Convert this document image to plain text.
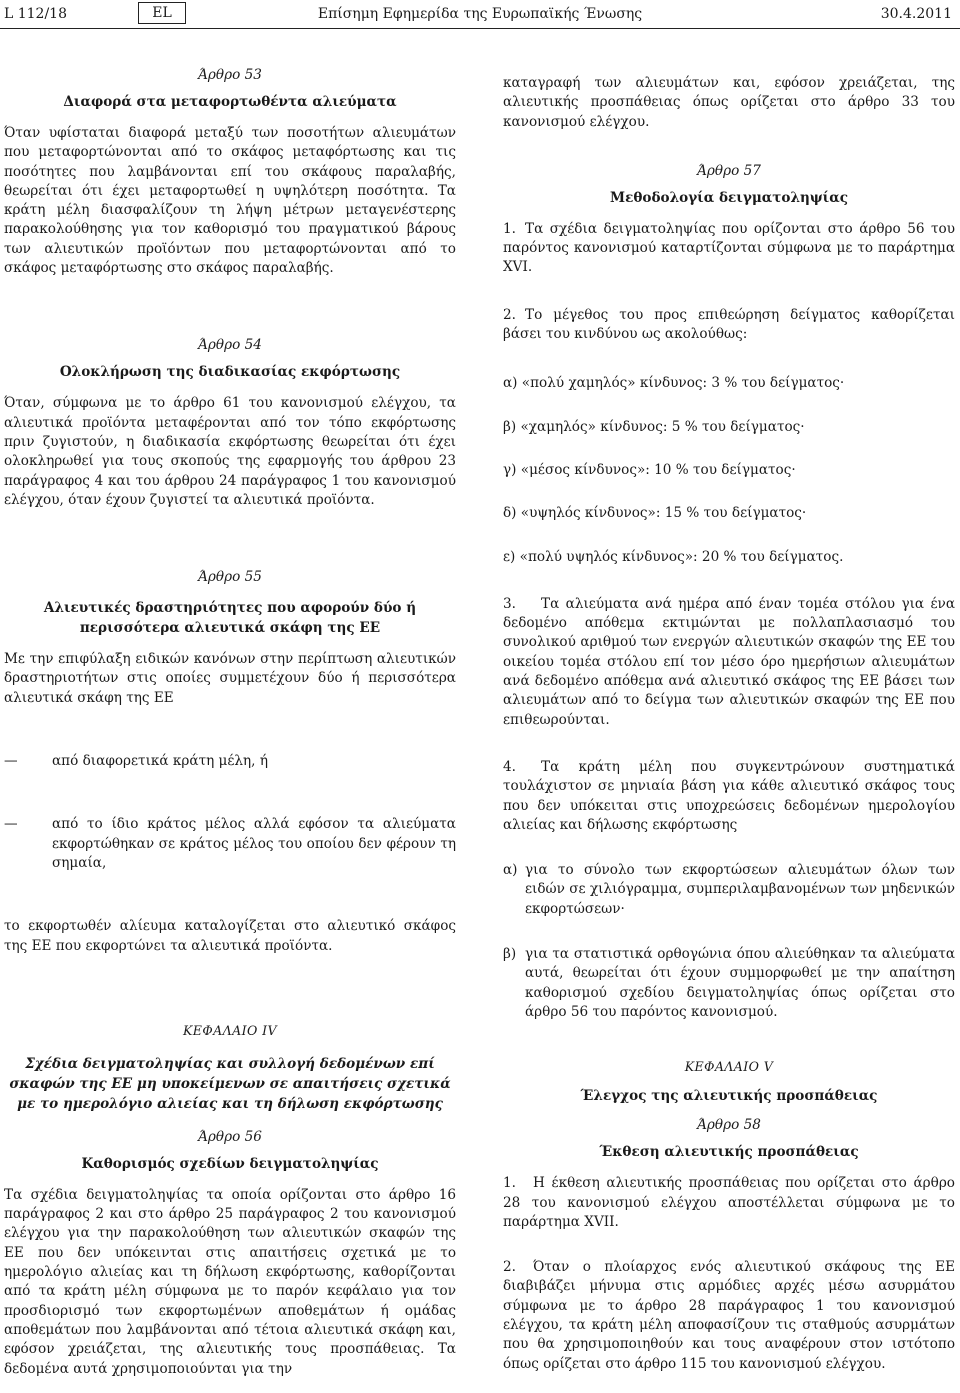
L 112/18	EL	Επίσημη Εφημερίδα της Ευρωπαϊκής Ένωσης	30.4.2011
Άρθρο 53
Διαφορά στα μεταφορτωθέντα αλιεύματα

Όταν υφίσταται διαφορά μεταξύ των ποσοτήτων αλιευμάτων που μεταφορτώνονται από το σκάφος μεταφόρτωσης και τις ποσότητες που λαμβάνονται επί του σκάφους παραλαβής, θεωρείται ότι έχει μεταφορτωθεί η υψηλότερη ποσότητα. Τα κράτη μέλη διασφαλίζουν τη λήψη μέτρων μεταγενέστερης παρακολούθησης για τον καθορισμό του πραγματικού βάρους των αλιευτικών προϊόντων που μεταφορτώνονται από το σκάφος μεταφόρτωσης στο σκάφος παραλαβής.

Άρθρο 54
Ολοκλήρωση της διαδικασίας εκφόρτωσης

Όταν, σύμφωνα με το άρθρο 61 του κανονισμού ελέγχου, τα αλιευτικά προϊόντα μεταφέρονται από τον τόπο εκφόρτωσης πριν ζυγιστούν, η διαδικασία εκφόρτωσης θεωρείται ότι έχει ολοκληρωθεί για τους σκοπούς της εφαρμογής του άρθρου 23 παράγραφος 4 και του άρθρου 24 παράγραφος 1 του κανονισμού ελέγχου, όταν έχουν ζυγιστεί τα αλιευτικά προϊόντα.

Άρθρο 55
Αλιευτικές δραστηριότητες που αφορούν δύο ή περισσότερα αλιευτικά σκάφη της ΕΕ

Με την επιφύλαξη ειδικών κανόνων στην περίπτωση αλιευτικών δραστηριοτήτων στις οποίες συμμετέχουν δύο ή περισσότερα αλιευτικά σκάφη της ΕΕ

—	από διαφορετικά κράτη μέλη, ή
—	από το ίδιο κράτος μέλος αλλά εφόσον τα αλιεύματα εκφορτώθηκαν σε κράτος μέλος του οποίου δεν φέρουν τη σημαία,

το εκφορτωθέν αλίευμα καταλογίζεται στο αλιευτικό σκάφος της ΕΕ που εκφορτώνει τα αλιευτικά προϊόντα.

ΚΕΦΑΛΑΙΟ IV
Σχέδια δειγματοληψίας και συλλογή δεδομένων επί σκαφών της ΕΕ μη υποκείμενων σε απαιτήσεις σχετικά με το ημερολόγιο αλιείας και τη δήλωση εκφόρτωσης
Άρθρο 56
Καθορισμός σχεδίων δειγματοληψίας

Τα σχέδια δειγματοληψίας τα οποία ορίζονται στο άρθρο 16 παράγραφος 2 και στο άρθρο 25 παράγραφος 2 του κανονισμού ελέγχου για την παρακολούθηση των αλιευτικών σκαφών της ΕΕ που δεν υπόκεινται στις απαιτήσεις σχετικά με το ημερολόγιο αλιείας και τη δήλωση εκφόρτωσης, καθορίζονται από τα κράτη μέλη σύμφωνα με το παρόν κεφάλαιο για τον προσδιορισμό των εκφορτωμένων αποθεμάτων ή ομάδας αποθεμάτων που λαμβάνονται από τέτοια αλιευτικά σκάφη και, εφόσον χρειάζεται, της αλιευτικής τους προσπάθειας. Τα δεδομένα αυτά χρησιμοποιούνται για την

καταγραφή των αλιευμάτων και, εφόσον χρειάζεται, της αλιευτικής προσπάθειας όπως ορίζεται στο άρθρο 33 του κανονισμού ελέγχου.

Άρθρο 57
Μεθοδολογία δειγματοληψίας

1. Τα σχέδια δειγματοληψίας που ορίζονται στο άρθρο 56 του παρόντος κανονισμού καταρτίζονται σύμφωνα με το παράρτημα XVI.

2. Το μέγεθος του προς επιθεώρηση δείγματος καθορίζεται βάσει του κινδύνου ως ακολούθως:

α) «πολύ χαμηλός» κίνδυνος: 3 % του δείγματος·

β) «χαμηλός» κίνδυνος: 5 % του δείγματος·

γ) «μέσος κίνδυνος»: 10 % του δείγματος·

δ) «υψηλός κίνδυνος»: 15 % του δείγματος·

ε) «πολύ υψηλός κίνδυνος»: 20 % του δείγματος.

3. Τα αλιεύματα ανά ημέρα από έναν τομέα στόλου για ένα δεδομένο απόθεμα εκτιμώνται με πολλαπλασιασμό του συνολικού αριθμού των ενεργών αλιευτικών σκαφών της ΕΕ του οικείου τομέα στόλου επί τον μέσο όρο ημερήσιων αλιευμάτων ανά δεδομένο απόθεμα ανά αλιευτικό σκάφος της ΕΕ βάσει των αλιευμάτων από το δείγμα των αλιευτικών σκαφών της ΕΕ που επιθεωρούνται.

4. Τα κράτη μέλη που συγκεντρώνουν συστηματικά τουλάχιστον σε μηνιαία βάση για κάθε αλιευτικό σκάφος τους που δεν υπόκειται στις υποχρεώσεις δεδομένων ημερολογίου αλιείας και δήλωσης εκφόρτωσης

α) για το σύνολο των εκφορτώσεων αλιευμάτων όλων των ειδών σε χιλιόγραμμα, συμπεριλαμβανομένων των μηδενικών εκφορτώσεων·
β) για τα στατιστικά ορθογώνια όπου αλιεύθηκαν τα αλιεύματα αυτά, θεωρείται ότι έχουν συμμορφωθεί με την απαίτηση καθορισμού σχεδίου δειγματοληψίας όπως ορίζεται στο άρθρο 56 του παρόντος κανονισμού.
ΚΕΦΑΛΑΙΟ V
Έλεγχος της αλιευτικής προσπάθειας
Άρθρο 58
Έκθεση αλιευτικής προσπάθειας

1. Η έκθεση αλιευτικής προσπάθειας που ορίζεται στο άρθρο 28 του κανονισμού ελέγχου αποστέλλεται σύμφωνα με το παράρτημα XVII.

2. Όταν ο πλοίαρχος ενός αλιευτικού σκάφους της ΕΕ διαβιβάζει μήνυμα στις αρμόδιες αρχές μέσω ασυρμάτου σύμφωνα με το άρθρο 28 παράγραφος 1 του κανονισμού ελέγχου, τα κράτη μέλη αποφασίζουν τις σταθμούς ασυρμάτων που θα χρησιμοποιηθούν και τους αναφέρουν στον ιστότοπο όπως ορίζεται στο άρθρο 115 του κανονισμού ελέγχου.
